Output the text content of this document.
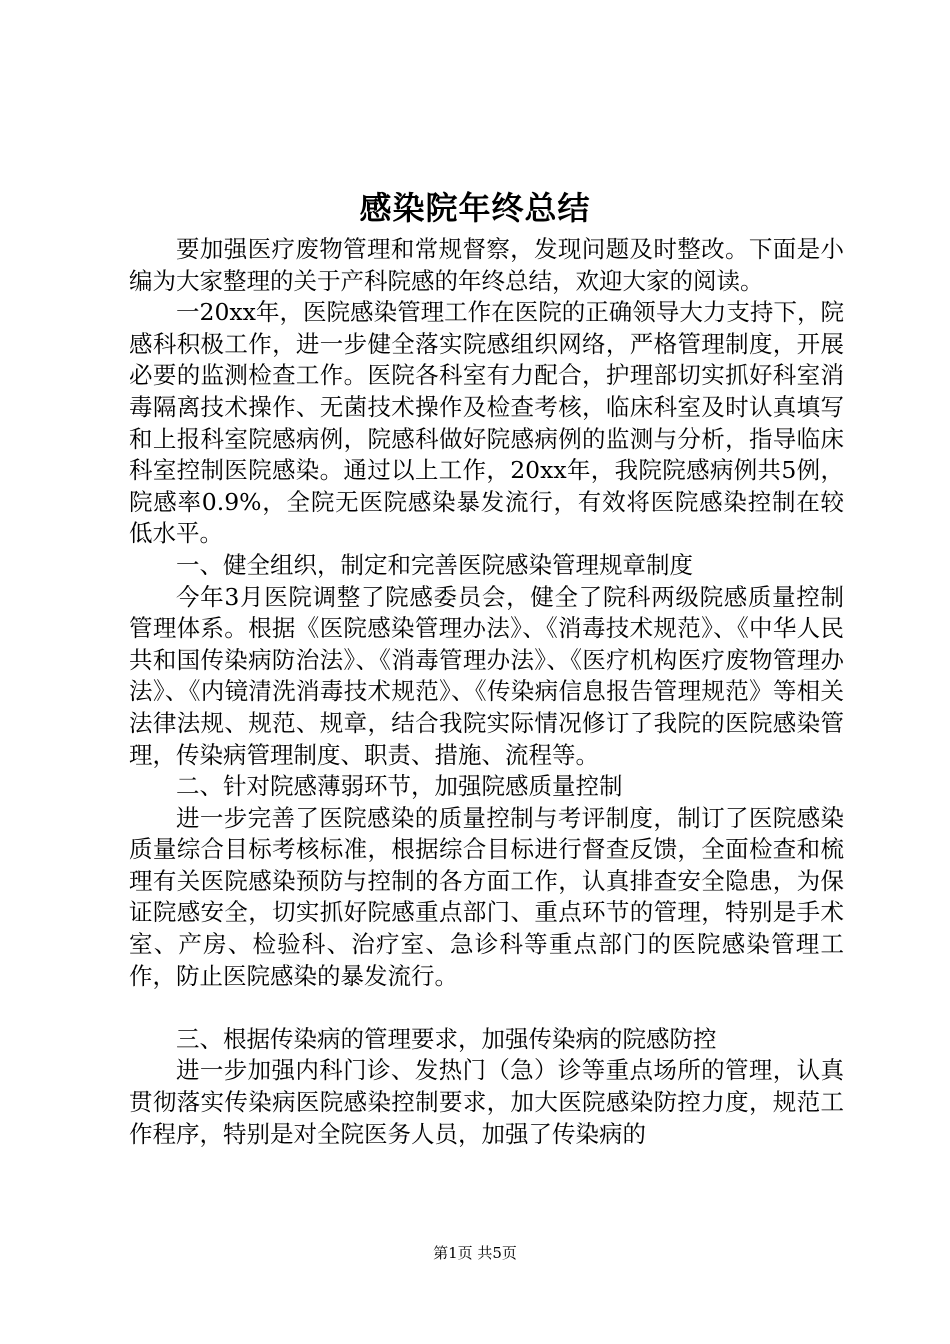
感染院年终总结

要加强医疗废物管理和常规督察，发现问题及时整改。下面是小编为大家整理的关于产科院感的年终总结，欢迎大家的阅读。

一20xx年，医院感染管理工作在医院的正确领导大力支持下，院感科积极工作，进一步健全落实院感组织网络，严格管理制度，开展必要的监测检查工作。医院各科室有力配合，护理部切实抓好科室消毒隔离技术操作、无菌技术操作及检查考核，临床科室及时认真填写和上报科室院感病例，院感科做好院感病例的监测与分析，指导临床科室控制医院感染。通过以上工作，20xx年，我院院感病例共5例，院感率0.9%，全院无医院感染暴发流行，有效将医院感染控制在较低水平。

一、健全组织，制定和完善医院感染管理规章制度

今年3月医院调整了院感委员会，健全了院科两级院感质量控制管理体系。根据《医院感染管理办法》、《消毒技术规范》、《中华人民共和国传染病防治法》、《消毒管理办法》、《医疗机构医疗废物管理办法》、《内镜清洗消毒技术规范》、《传染病信息报告管理规范》等相关法律法规、规范、规章，结合我院实际情况修订了我院的医院感染管理，传染病管理制度、职责、措施、流程等。

二、针对院感薄弱环节，加强院感质量控制

进一步完善了医院感染的质量控制与考评制度，制订了医院感染质量综合目标考核标准，根据综合目标进行督查反馈，全面检查和梳理有关医院感染预防与控制的各方面工作，认真排查安全隐患，为保证院感安全，切实抓好院感重点部门、重点环节的管理，特别是手术室、产房、检验科、治疗室、急诊科等重点部门的医院感染管理工作，防止医院感染的暴发流行。

三、根据传染病的管理要求，加强传染病的院感防控

进一步加强内科门诊、发热门（急）诊等重点场所的管理，认真贯彻落实传染病医院感染控制要求，加大医院感染防控力度，规范工作程序，特别是对全院医务人员，加强了传染病的

第1页 共5页
